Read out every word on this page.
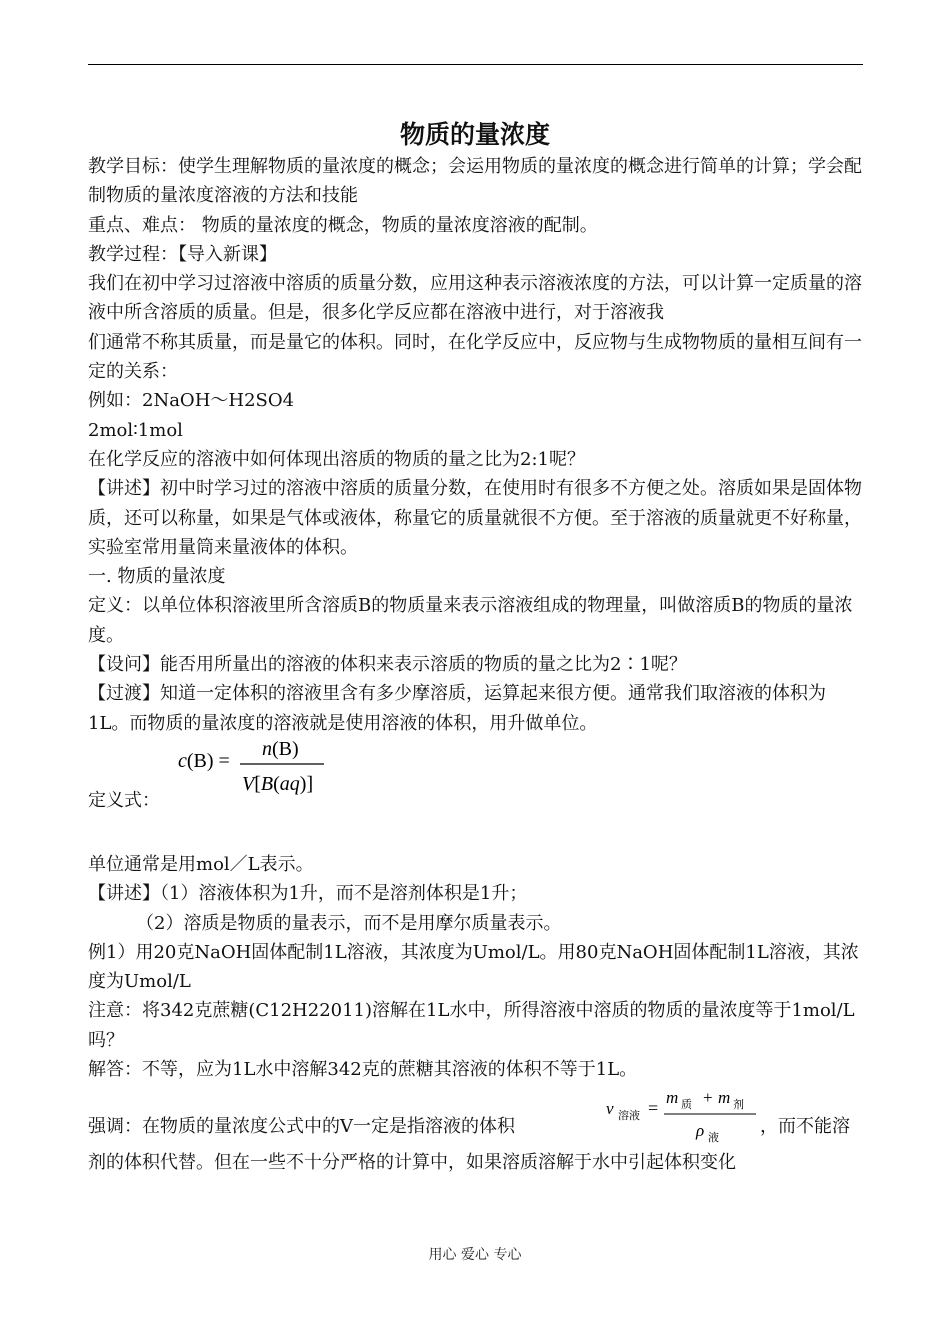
物质的量浓度

教学目标：使学生理解物质的量浓度的概念；会运用物质的量浓度的概念进行简单的计算；学会配制物质的量浓度溶液的方法和技能

重点、难点： 物质的量浓度的概念，物质的量浓度溶液的配制。

教学过程：【导入新课】

我们在初中学习过溶液中溶质的质量分数，应用这种表示溶液浓度的方法，可以计算一定质量的溶液中所含溶质的质量。但是，很多化学反应都在溶液中进行，对于溶液我

们通常不称其质量，而是量它的体积。同时，在化学反应中，反应物与生成物物质的量相互间有一定的关系：

例如：2NaOH～H2SO4

2mol∶1mol

在化学反应的溶液中如何体现出溶质的物质的量之比为2:1呢？

【讲述】初中时学习过的溶液中溶质的质量分数，在使用时有很多不方便之处。溶质如果是固体物质，还可以称量，如果是气体或液体，称量它的质量就很不方便。至于溶液的质量就更不好称量，实验室常用量筒来量液体的体积。

一. 物质的量浓度

定义：以单位体积溶液里所含溶质B的物质量来表示溶液组成的物理量，叫做溶质B的物质的量浓度。

【设问】能否用所量出的溶液的体积来表示溶质的物质的量之比为2∶1呢？

【过渡】知道一定体积的溶液里含有多少摩溶质，运算起来很方便。通常我们取溶液的体积为1L。而物质的量浓度的溶液就是使用溶液的体积，用升做单位。

定义式：
c(B) =
n(B)
V[B(aq)]

单位通常是用mol／L表示。

【讲述】（1）溶液体积为1升，而不是溶剂体积是1升；

（2）溶质是物质的量表示，而不是用摩尔质量表示。

例1）用20克NaOH固体配制1L溶液，其浓度为Umol/L。用80克NaOH固体配制1L溶液，其浓度为Umol/L

注意：将342克蔗糖(C12H22011)溶解在1L水中，所得溶液中溶质的物质的量浓度等于1mol/L吗？

解答：不等，应为1L水中溶解342克的蔗糖其溶液的体积不等于1L。

强调：在物质的量浓度公式中的V一定是指溶液的体积
v 溶液 =
m 质 + m 剂
ρ 液
，而不能溶

剂的体积代替。但在一些不十分严格的计算中，如果溶质溶解于水中引起体积变化

用心 爱心 专心
